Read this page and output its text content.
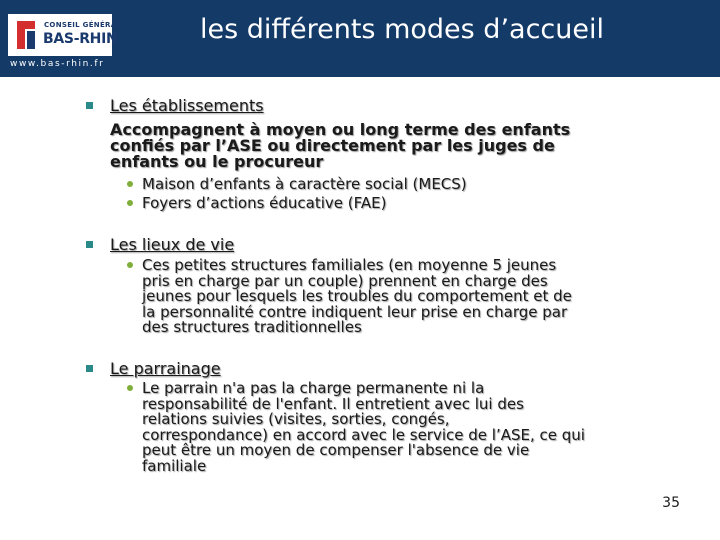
CONSEIL GÉNÉRAL
BAS-RHIN
www.bas-rhin.fr
les différents modes d’accueil
Les établissements
Accompagnent à moyen ou long terme des enfants
confiés par l’ASE ou directement par les juges de
enfants ou le procureur
Maison d’enfants à caractère social (MECS)
Foyers d’actions éducative (FAE)
Les lieux de vie
Ces petites structures familiales (en moyenne 5 jeunes
pris en charge par un couple) prennent en charge des
jeunes pour lesquels les troubles du comportement et de
la personnalité contre indiquent leur prise en charge par
des structures traditionnelles
Le parrainage
Le parrain n'a pas la charge permanente ni la
responsabilité de l'enfant. Il entretient avec lui des
relations suivies (visites, sorties, congés,
correspondance) en accord avec le service de l’ASE, ce qui
peut être un moyen de compenser l'absence de vie
familiale
35
